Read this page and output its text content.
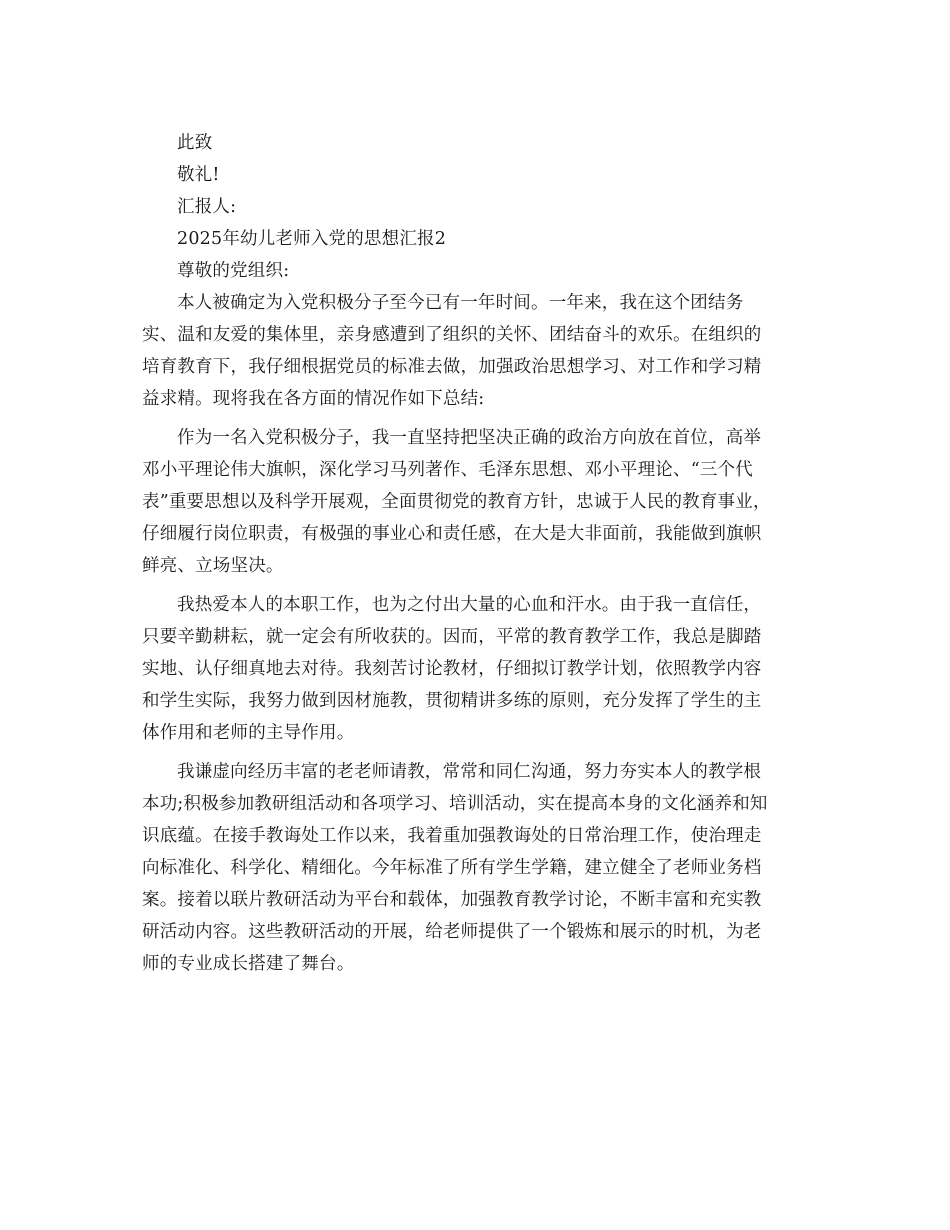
此致

敬礼!

汇报人:

2025年幼儿老师入党的思想汇报2

尊敬的党组织:

本人被确定为入党积极分子至今已有一年时间。一年来，我在这个团结务
实、温和友爱的集体里，亲身感遭到了组织的关怀、团结奋斗的欢乐。在组织的
培育教育下，我仔细根据党员的标准去做，加强政治思想学习、对工作和学习精
益求精。现将我在各方面的情况作如下总结:
作为一名入党积极分子，我一直坚持把坚决正确的政治方向放在首位，高举
邓小平理论伟大旗帜，深化学习马列著作、毛泽东思想、邓小平理论、“三个代
表”重要思想以及科学开展观，全面贯彻党的教育方针，忠诚于人民的教育事业，
仔细履行岗位职责，有极强的事业心和责任感，在大是大非面前，我能做到旗帜
鲜亮、立场坚决。
我热爱本人的本职工作，也为之付出大量的心血和汗水。由于我一直信任，
只要辛勤耕耘，就一定会有所收获的。因而，平常的教育教学工作，我总是脚踏
实地、认仔细真地去对待。我刻苦讨论教材，仔细拟订教学计划，依照教学内容
和学生实际，我努力做到因材施教，贯彻精讲多练的原则，充分发挥了学生的主
体作用和老师的主导作用。
我谦虚向经历丰富的老老师请教，常常和同仁沟通，努力夯实本人的教学根
本功;积极参加教研组活动和各项学习、培训活动，实在提高本身的文化涵养和知
识底蕴。在接手教诲处工作以来，我着重加强教诲处的日常治理工作，使治理走
向标准化、科学化、精细化。今年标准了所有学生学籍，建立健全了老师业务档
案。接着以联片教研活动为平台和载体，加强教育教学讨论，不断丰富和充实教
研活动内容。这些教研活动的开展，给老师提供了一个锻炼和展示的时机，为老
师的专业成长搭建了舞台。
